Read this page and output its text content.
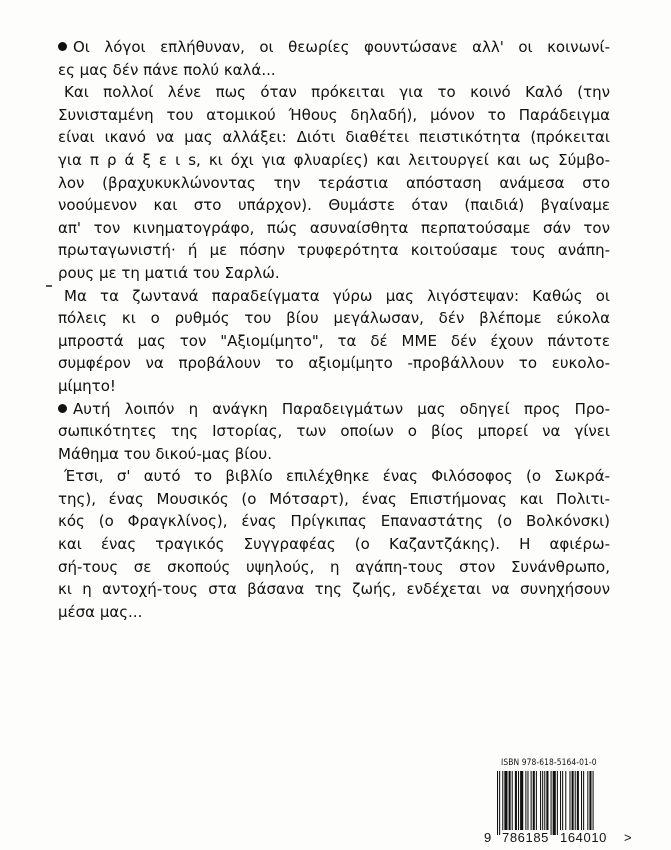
Οι λόγοι επλήθυναν, οι θεωρίες φουντώσανε αλλ' οι κοινωνί-
ες μας δέν πάνε πολύ καλά...
Και πολλοί λένε πως όταν πρόκειται για το κοινό Καλό (την
Συνισταμένη του ατομικού Ήθους δηλαδή), μόνον το Παράδειγμα
είναι ικανό να μας αλλάξει: Διότι διαθέτει πειστικότητα (πρόκειται
για π ρ ά ξ ε ι s, κι όχι για φλυαρίες) και λειτουργεί και ως Σύμβο-
λον (βραχυκυκλώνοντας την τεράστια απόσταση ανάμεσα στο
νοούμενον και στο υπάρχον). Θυμάστε όταν (παιδιά) βγαίναμε
απ' τον κινηματογράφο, πώς ασυναίσθητα περπατούσαμε σάν τον
πρωταγωνιστή· ή με πόσην τρυφερότητα κοιτούσαμε τους ανάπη-
ρους με τη ματιά του Σαρλώ.
Μα τα ζωντανά παραδείγματα γύρω μας λιγόστεψαν: Καθώς οι
πόλεις κι ο ρυθμός του βίου μεγάλωσαν, δέν βλέπομε εύκολα
μπροστά μας τον "Αξιομίμητο", τα δέ ΜΜΕ δέν έχουν πάντοτε
συμφέρον να προβάλουν το αξιομίμητο -προβάλλουν το ευκολο-
μίμητο!
Αυτή λοιπόν η ανάγκη Παραδειγμάτων μας οδηγεί προς Προ-
σωπικότητες της Ιστορίας, των οποίων ο βίος μπορεί να γίνει
Μάθημα του δικού-μας βίου.
Έτσι, σ' αυτό το βιβλίο επιλέχθηκε ένας Φιλόσοφος (ο Σωκρά-
της), ένας Μουσικός (ο Μότσαρτ), ένας Επιστήμονας και Πολιτι-
κός (ο Φραγκλίνος), ένας Πρίγκιπας Επαναστάτης (ο Βολκόνσκι)
και ένας τραγικός Συγγραφέας (ο Καζαντζάκης). Η αφιέρω-
σή-τους σε σκοπούς υψηλούς, η αγάπη-τους στον Συνάνθρωπο,
κι η αντοχή-τους στα βάσανα της ζωής, ενδέχεται να συνηχήσουν
μέσα μας...
ISBN 978-618-5164-01-0
9 786185 164010 >
